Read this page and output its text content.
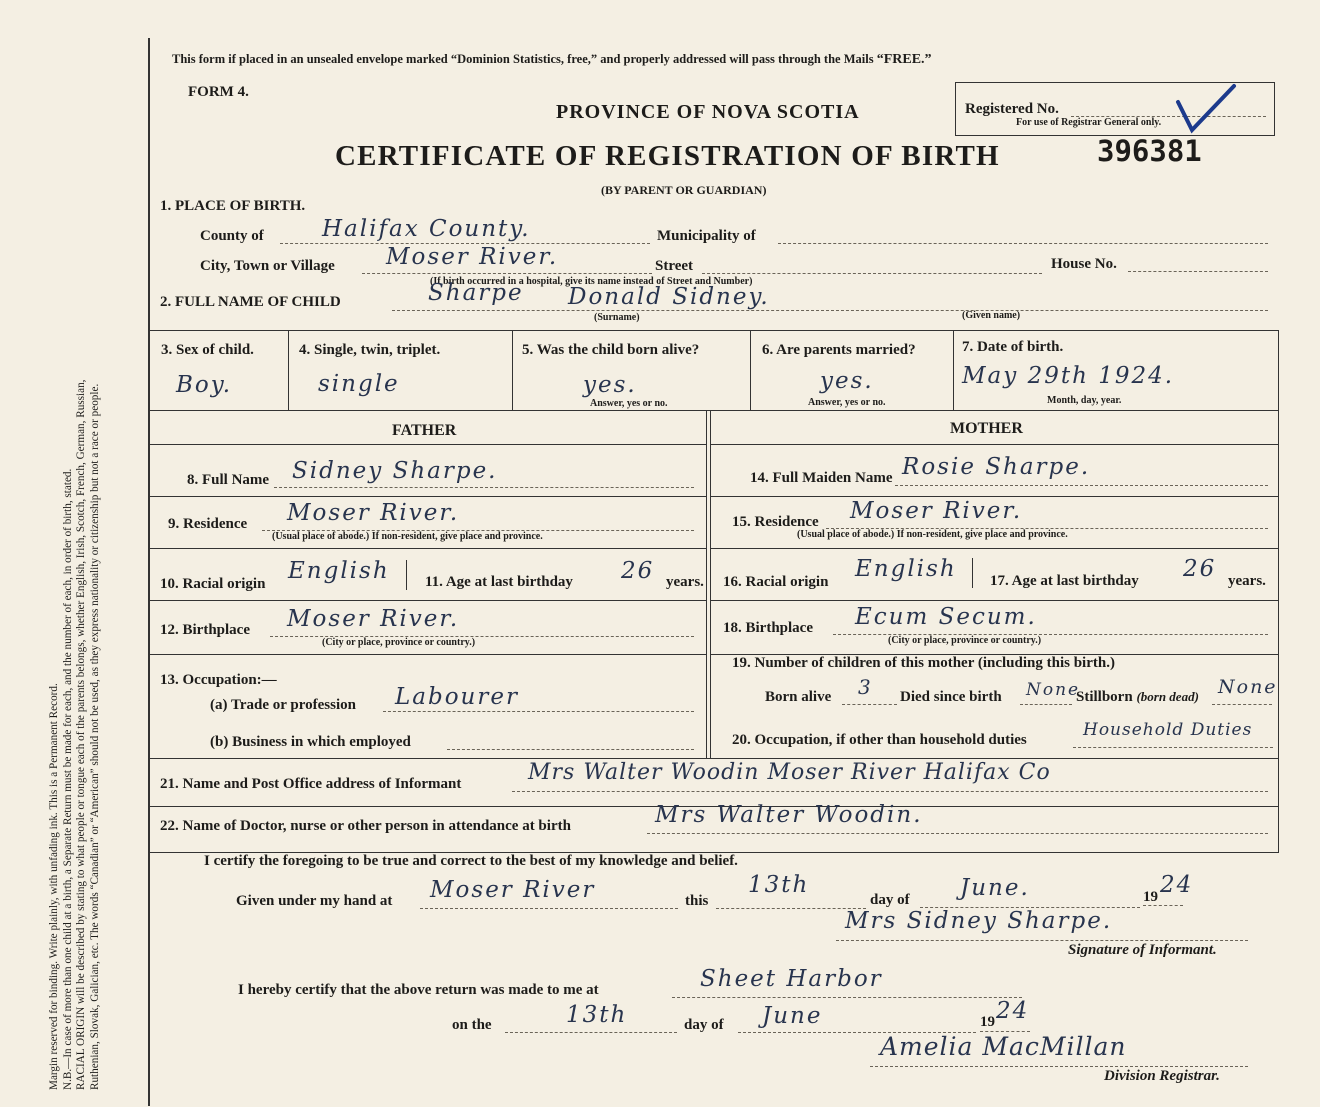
Margin reserved for binding. Write plainly, with unfading ink. This is a Permanent Record. N.B.—In case of more than one child at a birth, a Separate Return must be made for each, and the number of each, in order of birth, stated. RACIAL ORIGIN will be described by stating to what people or tongue each of the parents belongs, whether English, Irish, Scotch, French, German, Russian, Ruthenian, Slovak, Galician, etc. The words “Canadian” or “American” should not be used, as they express nationality or citizenship but not a race or people.
This form if placed in an unsealed envelope marked “Dominion Statistics, free,” and properly addressed will pass through the Mails “FREE.”
FORM 4.
PROVINCE OF NOVA SCOTIA
CERTIFICATE OF REGISTRATION OF BIRTH	396381
(BY PARENT OR GUARDIAN)
Registered No.
For use of Registrar General only.
1. PLACE OF BIRTH.
County of	Halifax County.	Municipality of
City, Town or Village Moser River.	Street	House No.
(If birth occurred in a hospital, give its name instead of Street and Number)
2. FULL NAME OF CHILD	Sharpe Donald Sidney.
(Surname)	(Given name)
3. Sex of child.
Boy.
4. Single, twin, triplet.
single
5. Was the child born alive?
yes.
Answer, yes or no.
6. Are parents married?
yes.
Answer, yes or no.
7. Date of birth.
May 29th 1924.
Month, day, year.
FATHER	MOTHER
8. Full Name Sidney Sharpe.	14. Full Maiden Name Rosie Sharpe.
9. Residence Moser River.
(Usual place of abode.) If non-resident, give place and province.
15. Residence Moser River.
(Usual place of abode.) If non-resident, give place and province.
10. Racial origin English 11. Age at last birthday 26 years. 16. Racial origin English 17. Age at last birthday 26 years.
12. Birthplace Moser River.
(City or place, province or country.)
18. Birthplace Ecum Secum.
(City or place, province or country.)
13. Occupation:—
(a) Trade or profession Labourer
(b) Business in which employed
19. Number of children of this mother (including this birth.)
Born alive 3 Died since birth None
Stillborn (born dead) None
20. Occupation, if other than household duties	Household Duties
21. Name and Post Office address of Informant	Mrs Walter Woodin Moser River Halifax Co
22. Name of Doctor, nurse or other person in attendance at birth	Mrs Walter Woodin.
I certify the foregoing to be true and correct to the best of my knowledge and belief.
Given under my hand at Moser River	this
13th
day of June.	19 24
Mrs Sidney Sharpe.
Signature of Informant.
I hereby certify that the above return was made to me at	Sheet Harbor
on the	13th	day of June	19 24
Amelia MacMillan
Division Registrar.
